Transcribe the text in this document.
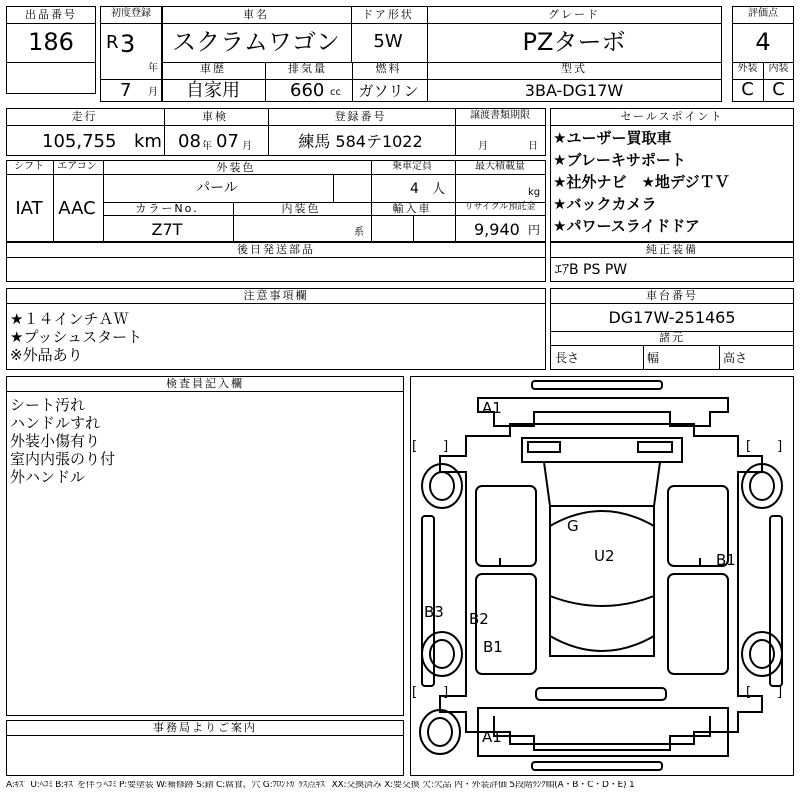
出品番号
186
初度登録
R 3
年
7 月
車名
スクラムワゴン
ドア形状
5W
グレード
PZターボ
車歴
自家用
排気量
660 cc
燃料
ガソリン
型式
3BA-DG17W
評価点
4
外装	内装
C	C
走行
105,755 km
車検
08 年 07 月
登録番号
練馬 584テ1022
譲渡書類期限
月	日
シフト
IAT
エアコン
AAC
外装色
パール
乗車定員
4 人
最大積載量
kg
カラーNo.
Z7T
内装色
系
輸入車	リサイクル預託金
9,940 円
後日発送部品
セールスポイント
★ユーザー買取車
★ブレーキサポート
★社外ナビ　★地デジＴＶ
★バックカメラ
★パワースライドドア
純正装備
ｴｱB PS PW
注意事項欄
★１４インチＡＷ
★プッシュスタート
※外品あり
車台番号
DG17W-251465
諸元
長さ	幅	高さ
検査員記入欄
シート汚れ
ハンドルすれ
外装小傷有り
室内内張のり付
外ハンドル
事務局よりご案内
A1
G
U2	B1
B3 B2
B1
A1
[　　]	[　　]
[　　]	[　　]
A:ｷｽﾞ U:ﾍｺﾐ B:ｷｽﾞを伴うﾍｺﾐ P:要塗装 W:補修跡 S:錆 C:腐食、穴 G:ﾌﾛﾝﾄｶﾞﾗｽ点ｷｽﾞ XX:交換済み X:要交換 欠:欠品 内・外装評価 5段階ﾗﾝｸ順(A・B・C・D・E) 1
